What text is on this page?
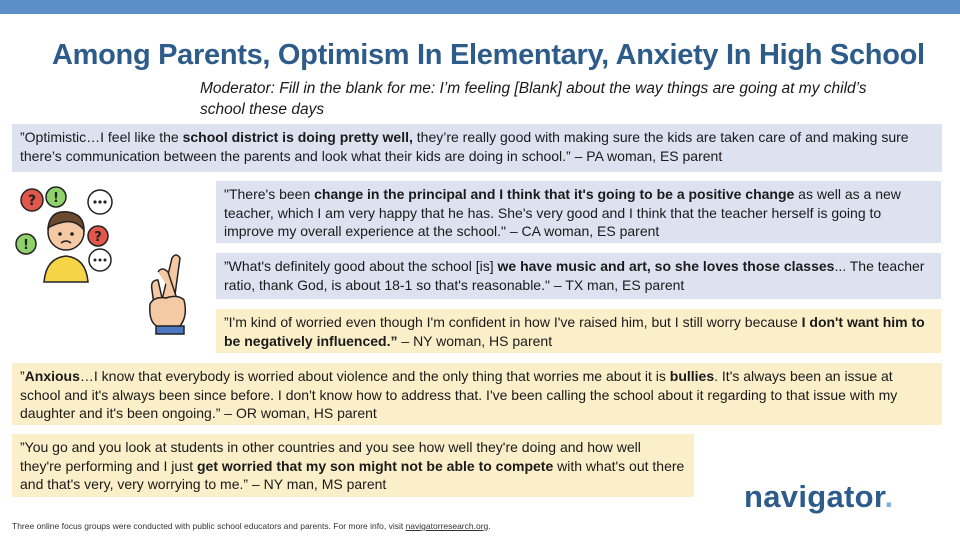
Among Parents, Optimism In Elementary, Anxiety In High School
Moderator: Fill in the blank for me: I’m feeling [Blank] about the way things are going at my child’s school these days
? !
!
?
”Optimistic…I feel like the school district is doing pretty well, they’re really good with making sure the kids are taken care of and making sure there’s communication between the parents and look what their kids are doing in school.” – PA woman, ES parent
"There's been change in the principal and I think that it's going to be a positive change as well as a new teacher, which I am very happy that he has. She's very good and I think that the teacher herself is going to improve my overall experience at the school." – CA woman, ES parent
”What's definitely good about the school [is] we have music and art, so she loves those classes... The teacher ratio, thank God, is about 18-1 so that's reasonable." – TX man, ES parent
”I'm kind of worried even though I'm confident in how I've raised him, but I still worry because I don't want him to be negatively influenced.” – NY woman, HS parent
”Anxious…I know that everybody is worried about violence and the only thing that worries me about it is bullies. It's always been an issue at school and it's always been since before. I don't know how to address that. I've been calling the school about it regarding to that issue with my daughter and it's been ongoing.” – OR woman, HS parent
”You go and you look at students in other countries and you see how well they're doing and how well they're performing and I just get worried that my son might not be able to compete with what's out there and that's very, very worrying to me.” – NY man, MS parent	navigator.
Three online focus groups were conducted with public school educators and parents. For more info, visit navigatorresearch.org.
